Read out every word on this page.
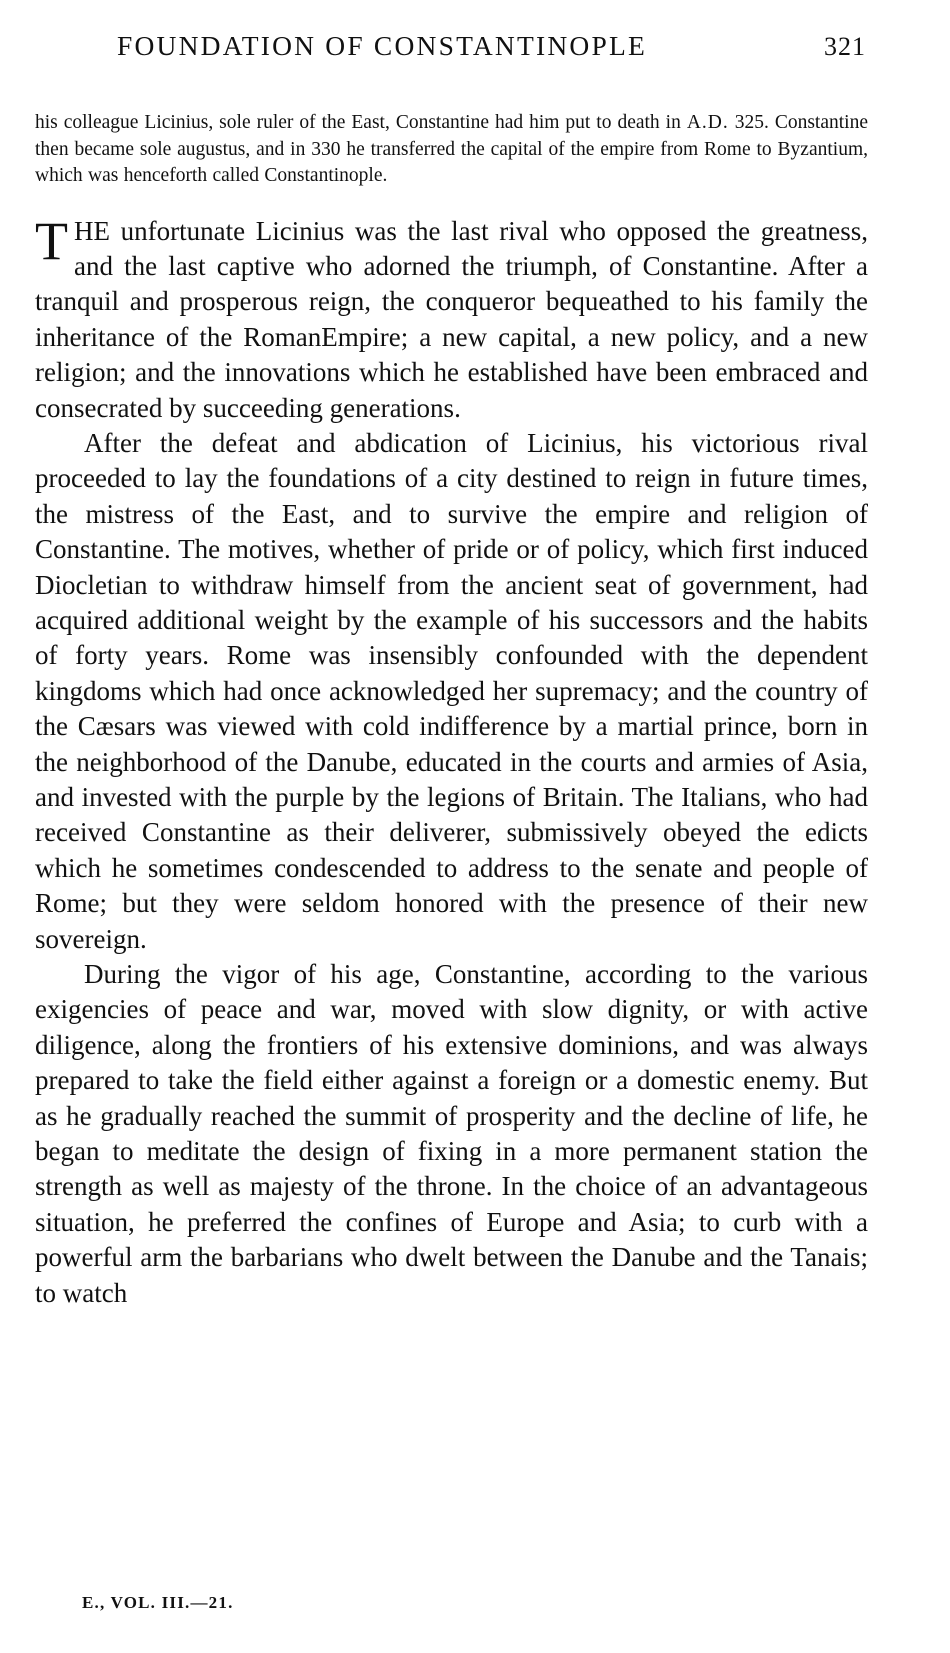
FOUNDATION OF CONSTANTINOPLE	321

his colleague Licinius, sole ruler of the East, Constantine had him put to death in A.D. 325. Constantine then became sole augustus, and in 330 he transferred the capital of the empire from Rome to Byzantium, which was henceforth called Constantinople.

THE unfortunate Licinius was the last rival who opposed the greatness, and the last captive who adorned the triumph, of Constantine. After a tranquil and prosperous reign, the conqueror bequeathed to his family the inheritance of the RomanEmpire; a new capital, a new policy, and a new religion; and the innovations which he established have been embraced and consecrated by succeeding generations.

After the defeat and abdication of Licinius, his victorious rival proceeded to lay the foundations of a city destined to reign in future times, the mistress of the East, and to survive the empire and religion of Constantine. The motives, whether of pride or of policy, which first induced Diocletian to withdraw himself from the ancient seat of government, had acquired additional weight by the example of his successors and the habits of forty years. Rome was insensibly confounded with the dependent kingdoms which had once acknowledged her supremacy; and the country of the Cæsars was viewed with cold indifference by a martial prince, born in the neighborhood of the Danube, educated in the courts and armies of Asia, and invested with the purple by the legions of Britain. The Italians, who had received Constantine as their deliverer, submissively obeyed the edicts which he sometimes condescended to address to the senate and people of Rome; but they were seldom honored with the presence of their new sovereign.

During the vigor of his age, Constantine, according to the various exigencies of peace and war, moved with slow dignity, or with active diligence, along the frontiers of his extensive dominions, and was always prepared to take the field either against a foreign or a domestic enemy. But as he gradually reached the summit of prosperity and the decline of life, he began to meditate the design of fixing in a more permanent station the strength as well as majesty of the throne. In the choice of an advantageous situation, he preferred the confines of Europe and Asia; to curb with a powerful arm the barbarians who dwelt between the Danube and the Tanais; to watch

E., VOL. III.—21.
